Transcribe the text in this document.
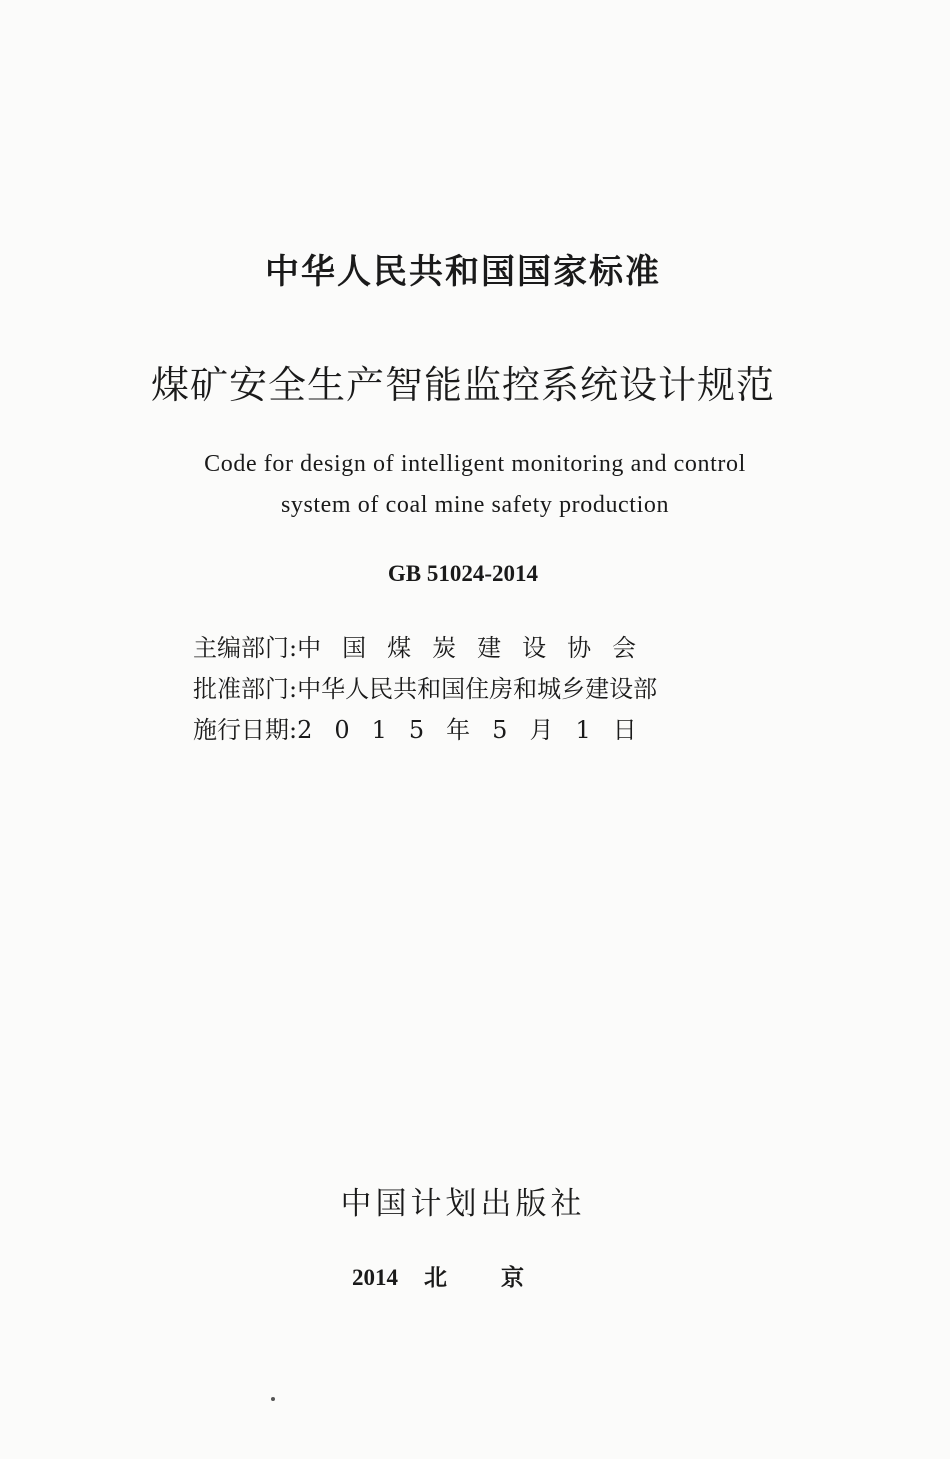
中华人民共和国国家标准
煤矿安全生产智能监控系统设计规范
Code for design of intelligent monitoring and control
system of coal mine safety production
GB 51024-2014
主编部门:中国煤炭建设协会
批准部门:中华人民共和国住房和城乡建设部
施行日期:2015年5月1日
中国计划出版社
2014 北京
